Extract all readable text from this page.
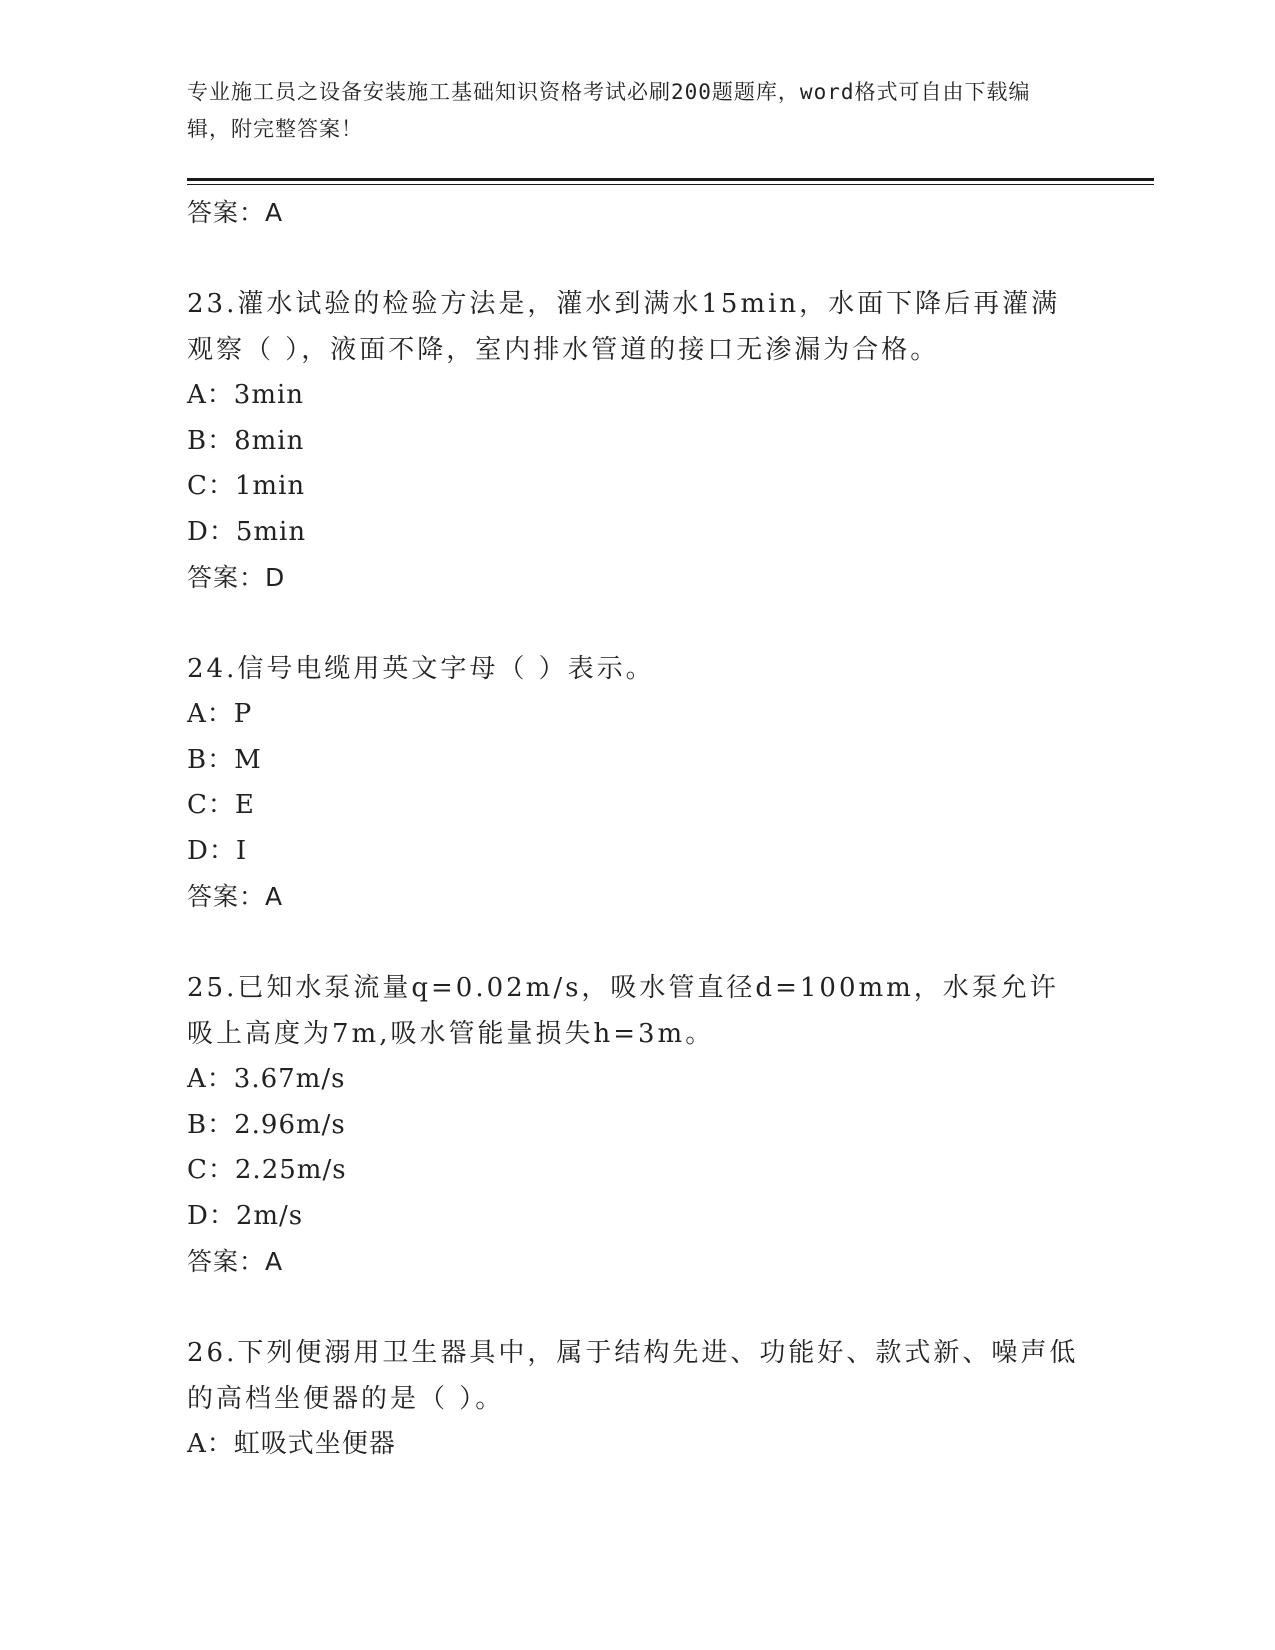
专业施工员之设备安装施工基础知识资格考试必刷200题题库，word格式可自由下载编辑，附完整答案！
答案：A
23.灌水试验的检验方法是，灌水到满水15min，水面下降后再灌满观察（ ），液面不降，室内排水管道的接口无渗漏为合格。
A：3min
B：8min
C：1min
D：5min
答案：D
24.信号电缆用英文字母（ ）表示。
A：P
B：M
C：E
D：I
答案：A
25.已知水泵流量q=0.02m/s，吸水管直径d=100mm，水泵允许吸上高度为7m,吸水管能量损失h=3m。
A：3.67m/s
B：2.96m/s
C：2.25m/s
D：2m/s
答案：A
26.下列便溺用卫生器具中，属于结构先进、功能好、款式新、噪声低的高档坐便器的是（ ）。
A：虹吸式坐便器
